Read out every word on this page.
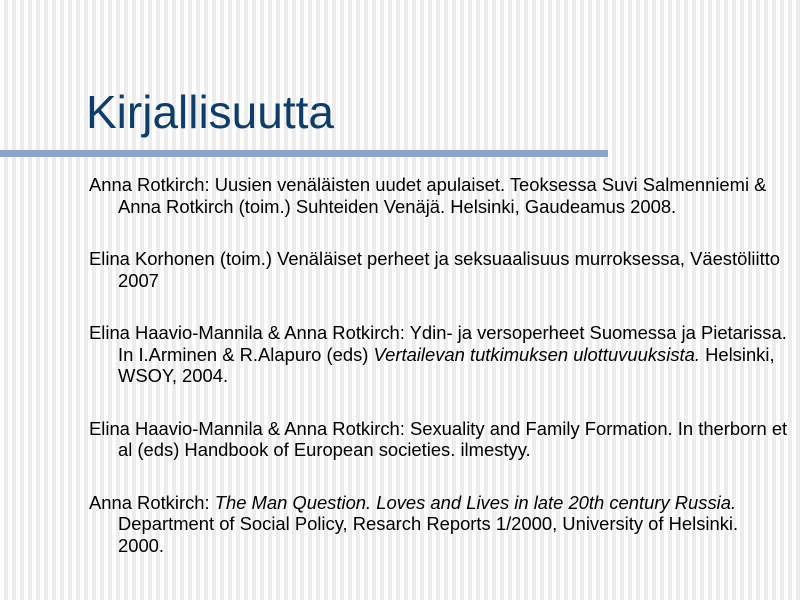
Kirjallisuutta

Anna Rotkirch: Uusien venäläisten uudet apulaiset. Teoksessa Suvi Salmenniemi & Anna Rotkirch (toim.) Suhteiden Venäjä. Helsinki, Gaudeamus 2008.

Elina Korhonen (toim.) Venäläiset perheet ja seksuaalisuus murroksessa, Väestöliitto 2007

Elina Haavio-Mannila & Anna Rotkirch: Ydin- ja versoperheet Suomessa ja Pietarissa. In I.Arminen & R.Alapuro (eds) Vertailevan tutkimuksen ulottuvuuksista. Helsinki, WSOY, 2004.

Elina Haavio-Mannila & Anna Rotkirch: Sexuality and Family Formation. In therborn et al (eds) Handbook of European societies. ilmestyy.

Anna Rotkirch: The Man Question. Loves and Lives in late 20th century Russia. Department of Social Policy, Resarch Reports 1/2000, University of Helsinki. 2000.
